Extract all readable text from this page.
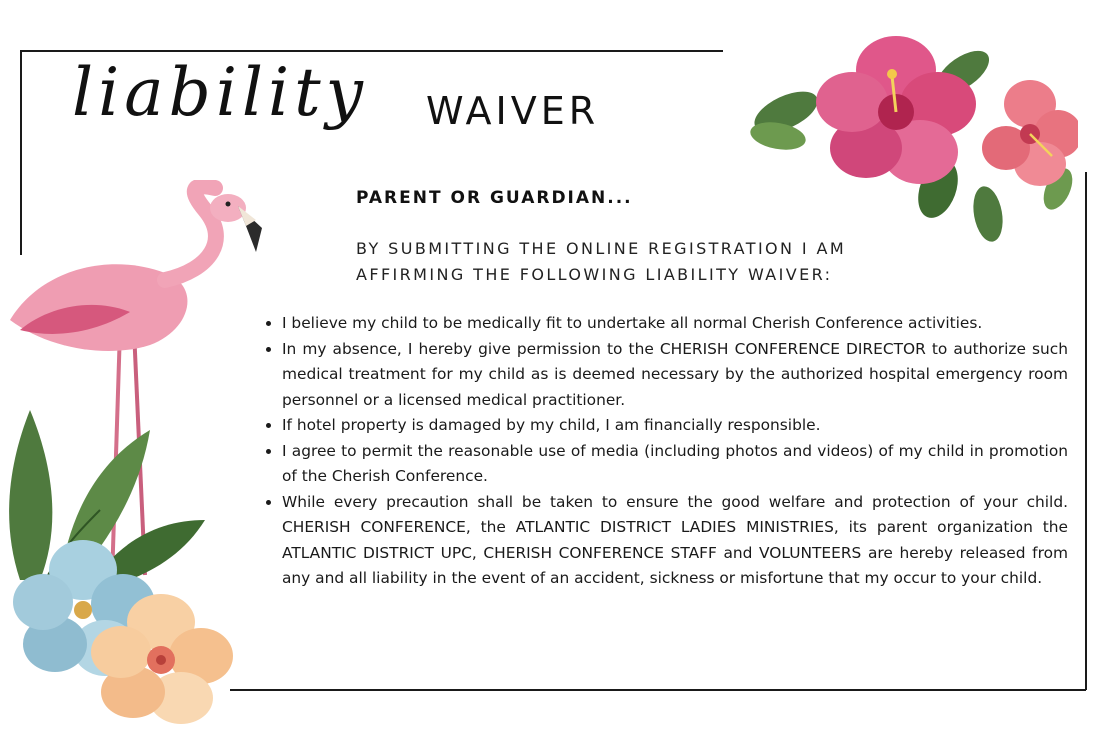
liability WAIVER
PARENT OR GUARDIAN...
BY SUBMITTING THE ONLINE REGISTRATION I AM AFFIRMING THE FOLLOWING LIABILITY WAIVER:
• I believe my child to be medically fit to undertake all normal Cherish Conference activities.
• In my absence, I hereby give permission to the CHERISH CONFERENCE DIRECTOR to authorize such medical treatment for my child as is deemed necessary by the authorized hospital emergency room personnel or a licensed medical practitioner.
• If hotel property is damaged by my child, I am financially responsible.
• I agree to permit the reasonable use of media (including photos and videos) of my child in promotion of the Cherish Conference.
• While every precaution shall be taken to ensure the good welfare and protection of your child. CHERISH CONFERENCE, the ATLANTIC DISTRICT LADIES MINISTRIES, its parent organization the ATLANTIC DISTRICT UPC, CHERISH CONFERENCE STAFF and VOLUNTEERS are hereby released from any and all liability in the event of an accident, sickness or misfortune that my occur to your child.
